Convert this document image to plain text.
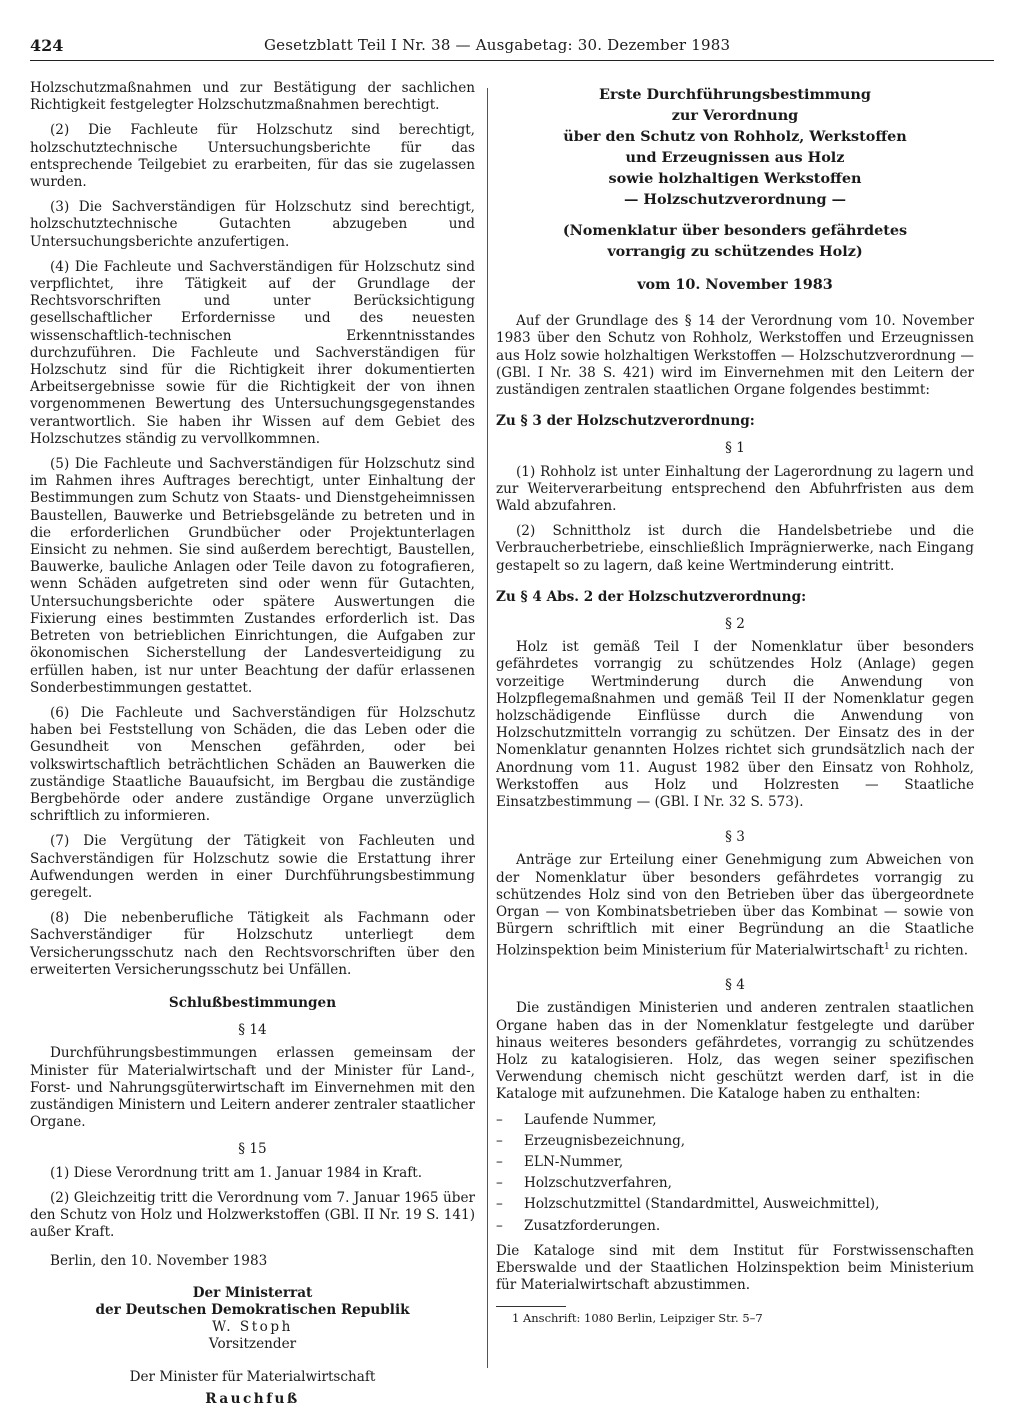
424	Gesetzblatt Teil I Nr. 38 — Ausgabetag: 30. Dezember 1983

Holzschutzmaßnahmen und zur Bestätigung der sachlichen Richtigkeit festgelegter Holzschutzmaßnahmen berechtigt.

(2) Die Fachleute für Holzschutz sind berechtigt, holzschutztechnische Untersuchungsberichte für das entsprechende Teilgebiet zu erarbeiten, für das sie zugelassen wurden.

(3) Die Sachverständigen für Holzschutz sind berechtigt, holzschutztechnische Gutachten abzugeben und Untersuchungsberichte anzufertigen.

(4) Die Fachleute und Sachverständigen für Holzschutz sind verpflichtet, ihre Tätigkeit auf der Grundlage der Rechtsvorschriften und unter Berücksichtigung gesellschaftlicher Erfordernisse und des neuesten wissenschaftlich-technischen Erkenntnisstandes durchzuführen. Die Fachleute und Sachverständigen für Holzschutz sind für die Richtigkeit ihrer dokumentierten Arbeitsergebnisse sowie für die Richtigkeit der von ihnen vorgenommenen Bewertung des Untersuchungsgegenstandes verantwortlich. Sie haben ihr Wissen auf dem Gebiet des Holzschutzes ständig zu vervollkommnen.

(5) Die Fachleute und Sachverständigen für Holzschutz sind im Rahmen ihres Auftrages berechtigt, unter Einhaltung der Bestimmungen zum Schutz von Staats- und Dienstgeheimnissen Baustellen, Bauwerke und Betriebsgelände zu betreten und in die erforderlichen Grundbücher oder Projektunterlagen Einsicht zu nehmen. Sie sind außerdem berechtigt, Baustellen, Bauwerke, bauliche Anlagen oder Teile davon zu fotografieren, wenn Schäden aufgetreten sind oder wenn für Gutachten, Untersuchungsberichte oder spätere Auswertungen die Fixierung eines bestimmten Zustandes erforderlich ist. Das Betreten von betrieblichen Einrichtungen, die Aufgaben zur ökonomischen Sicherstellung der Landesverteidigung zu erfüllen haben, ist nur unter Beachtung der dafür erlassenen Sonderbestimmungen gestattet.

(6) Die Fachleute und Sachverständigen für Holzschutz haben bei Feststellung von Schäden, die das Leben oder die Gesundheit von Menschen gefährden, oder bei volkswirtschaftlich beträchtlichen Schäden an Bauwerken die zuständige Staatliche Bauaufsicht, im Bergbau die zuständige Bergbehörde oder andere zuständige Organe unverzüglich schriftlich zu informieren.

(7) Die Vergütung der Tätigkeit von Fachleuten und Sachverständigen für Holzschutz sowie die Erstattung ihrer Aufwendungen werden in einer Durchführungsbestimmung geregelt.

(8) Die nebenberufliche Tätigkeit als Fachmann oder Sachverständiger für Holzschutz unterliegt dem Versicherungsschutz nach den Rechtsvorschriften über den erweiterten Versicherungsschutz bei Unfällen.

Schlußbestimmungen
§ 14

Durchführungsbestimmungen erlassen gemeinsam der Minister für Materialwirtschaft und der Minister für Land-, Forst- und Nahrungsgüterwirtschaft im Einvernehmen mit den zuständigen Ministern und Leitern anderer zentraler staatlicher Organe.

§ 15

(1) Diese Verordnung tritt am 1. Januar 1984 in Kraft.

(2) Gleichzeitig tritt die Verordnung vom 7. Januar 1965 über den Schutz von Holz und Holzwerkstoffen (GBl. II Nr. 19 S. 141) außer Kraft.

Berlin, den 10. November 1983

Der Ministerrat

der Deutschen Demokratischen Republik

W. Stoph

Vorsitzender

Der Minister für Materialwirtschaft

Rauchfuß

Erste Durchführungsbestimmung

zur Verordnung

über den Schutz von Rohholz, Werkstoffen

und Erzeugnissen aus Holz

sowie holzhaltigen Werkstoffen

— Holzschutzverordnung —

(Nomenklatur über besonders gefährdetes

vorrangig zu schützendes Holz)

vom 10. November 1983

Auf der Grundlage des § 14 der Verordnung vom 10. November 1983 über den Schutz von Rohholz, Werkstoffen und Erzeugnissen aus Holz sowie holzhaltigen Werkstoffen — Holzschutzverordnung — (GBl. I Nr. 38 S. 421) wird im Einvernehmen mit den Leitern der zuständigen zentralen staatlichen Organe folgendes bestimmt:

Zu § 3 der Holzschutzverordnung:

§ 1

(1) Rohholz ist unter Einhaltung der Lagerordnung zu lagern und zur Weiterverarbeitung entsprechend den Abfuhrfristen aus dem Wald abzufahren.

(2) Schnittholz ist durch die Handelsbetriebe und die Verbraucherbetriebe, einschließlich Imprägnierwerke, nach Eingang gestapelt so zu lagern, daß keine Wertminderung eintritt.

Zu § 4 Abs. 2 der Holzschutzverordnung:

§ 2

Holz ist gemäß Teil I der Nomenklatur über besonders gefährdetes vorrangig zu schützendes Holz (Anlage) gegen vorzeitige Wertminderung durch die Anwendung von Holzpflegemaßnahmen und gemäß Teil II der Nomenklatur gegen holzschädigende Einflüsse durch die Anwendung von Holzschutzmitteln vorrangig zu schützen. Der Einsatz des in der Nomenklatur genannten Holzes richtet sich grundsätzlich nach der Anordnung vom 11. August 1982 über den Einsatz von Rohholz, Werkstoffen aus Holz und Holzresten — Staatliche Einsatzbestimmung — (GBl. I Nr. 32 S. 573).

§ 3

Anträge zur Erteilung einer Genehmigung zum Abweichen von der Nomenklatur über besonders gefährdetes vorrangig zu schützendes Holz sind von den Betrieben über das übergeordnete Organ — von Kombinatsbetrieben über das Kombinat — sowie von Bürgern schriftlich mit einer Begründung an die Staatliche Holzinspektion beim Ministerium für Materialwirtschaft$^1$ zu richten.

§ 4

Die zuständigen Ministerien und anderen zentralen staatlichen Organe haben das in der Nomenklatur festgelegte und darüber hinaus weiteres besonders gefährdetes, vorrangig zu schützendes Holz zu katalogisieren. Holz, das wegen seiner spezifischen Verwendung chemisch nicht geschützt werden darf, ist in die Kataloge mit aufzunehmen. Die Kataloge haben zu enthalten:

– Laufende Nummer,
– Erzeugnisbezeichnung,
– ELN-Nummer,
– Holzschutzverfahren,
– Holzschutzmittel (Standardmittel, Ausweichmittel),
– Zusatzforderungen.

Die Kataloge sind mit dem Institut für Forstwissenschaften Eberswalde und der Staatlichen Holzinspektion beim Ministerium für Materialwirtschaft abzustimmen.

1 Anschrift: 1080 Berlin, Leipziger Str. 5–7
